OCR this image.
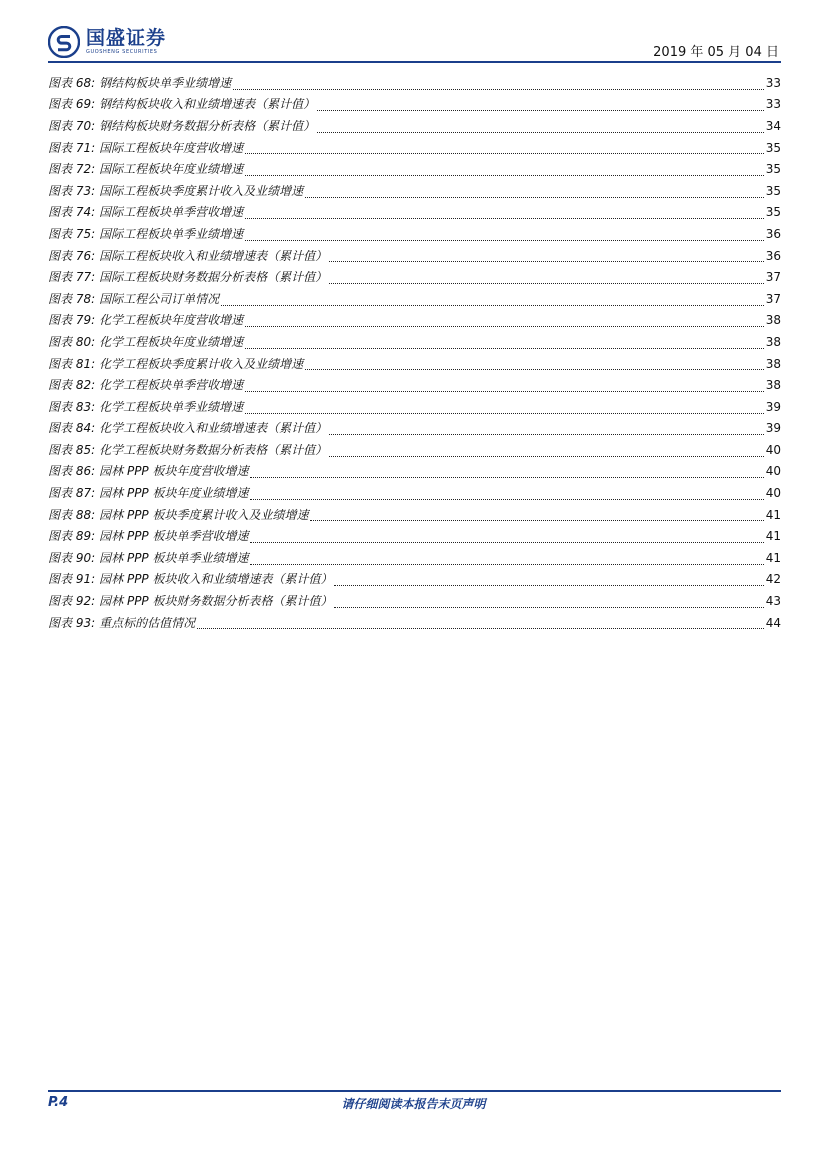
国盛证券
GUOSHENG SECURITIES	2019 年 05 月 04 日
图表 68: 钢结构板块单季业绩增速	33
图表 69: 钢结构板块收入和业绩增速表（累计值）	33
图表 70: 钢结构板块财务数据分析表格（累计值）	34
图表 71: 国际工程板块年度营收增速	35
图表 72: 国际工程板块年度业绩增速	35
图表 73: 国际工程板块季度累计收入及业绩增速	35
图表 74: 国际工程板块单季营收增速	35
图表 75: 国际工程板块单季业绩增速	36
图表 76: 国际工程板块收入和业绩增速表（累计值）	36
图表 77: 国际工程板块财务数据分析表格（累计值）	37
图表 78: 国际工程公司订单情况	37
图表 79: 化学工程板块年度营收增速	38
图表 80: 化学工程板块年度业绩增速	38
图表 81: 化学工程板块季度累计收入及业绩增速	38
图表 82: 化学工程板块单季营收增速	38
图表 83: 化学工程板块单季业绩增速	39
图表 84: 化学工程板块收入和业绩增速表（累计值）	39
图表 85: 化学工程板块财务数据分析表格（累计值）	40
图表 86: 园林 PPP 板块年度营收增速	40
图表 87: 园林 PPP 板块年度业绩增速	40
图表 88: 园林 PPP 板块季度累计收入及业绩增速	41
图表 89: 园林 PPP 板块单季营收增速	41
图表 90: 园林 PPP 板块单季业绩增速	41
图表 91: 园林 PPP 板块收入和业绩增速表（累计值）	42
图表 92: 园林 PPP 板块财务数据分析表格（累计值）	43
图表 93: 重点标的估值情况	44
P.4	请仔细阅读本报告末页声明
